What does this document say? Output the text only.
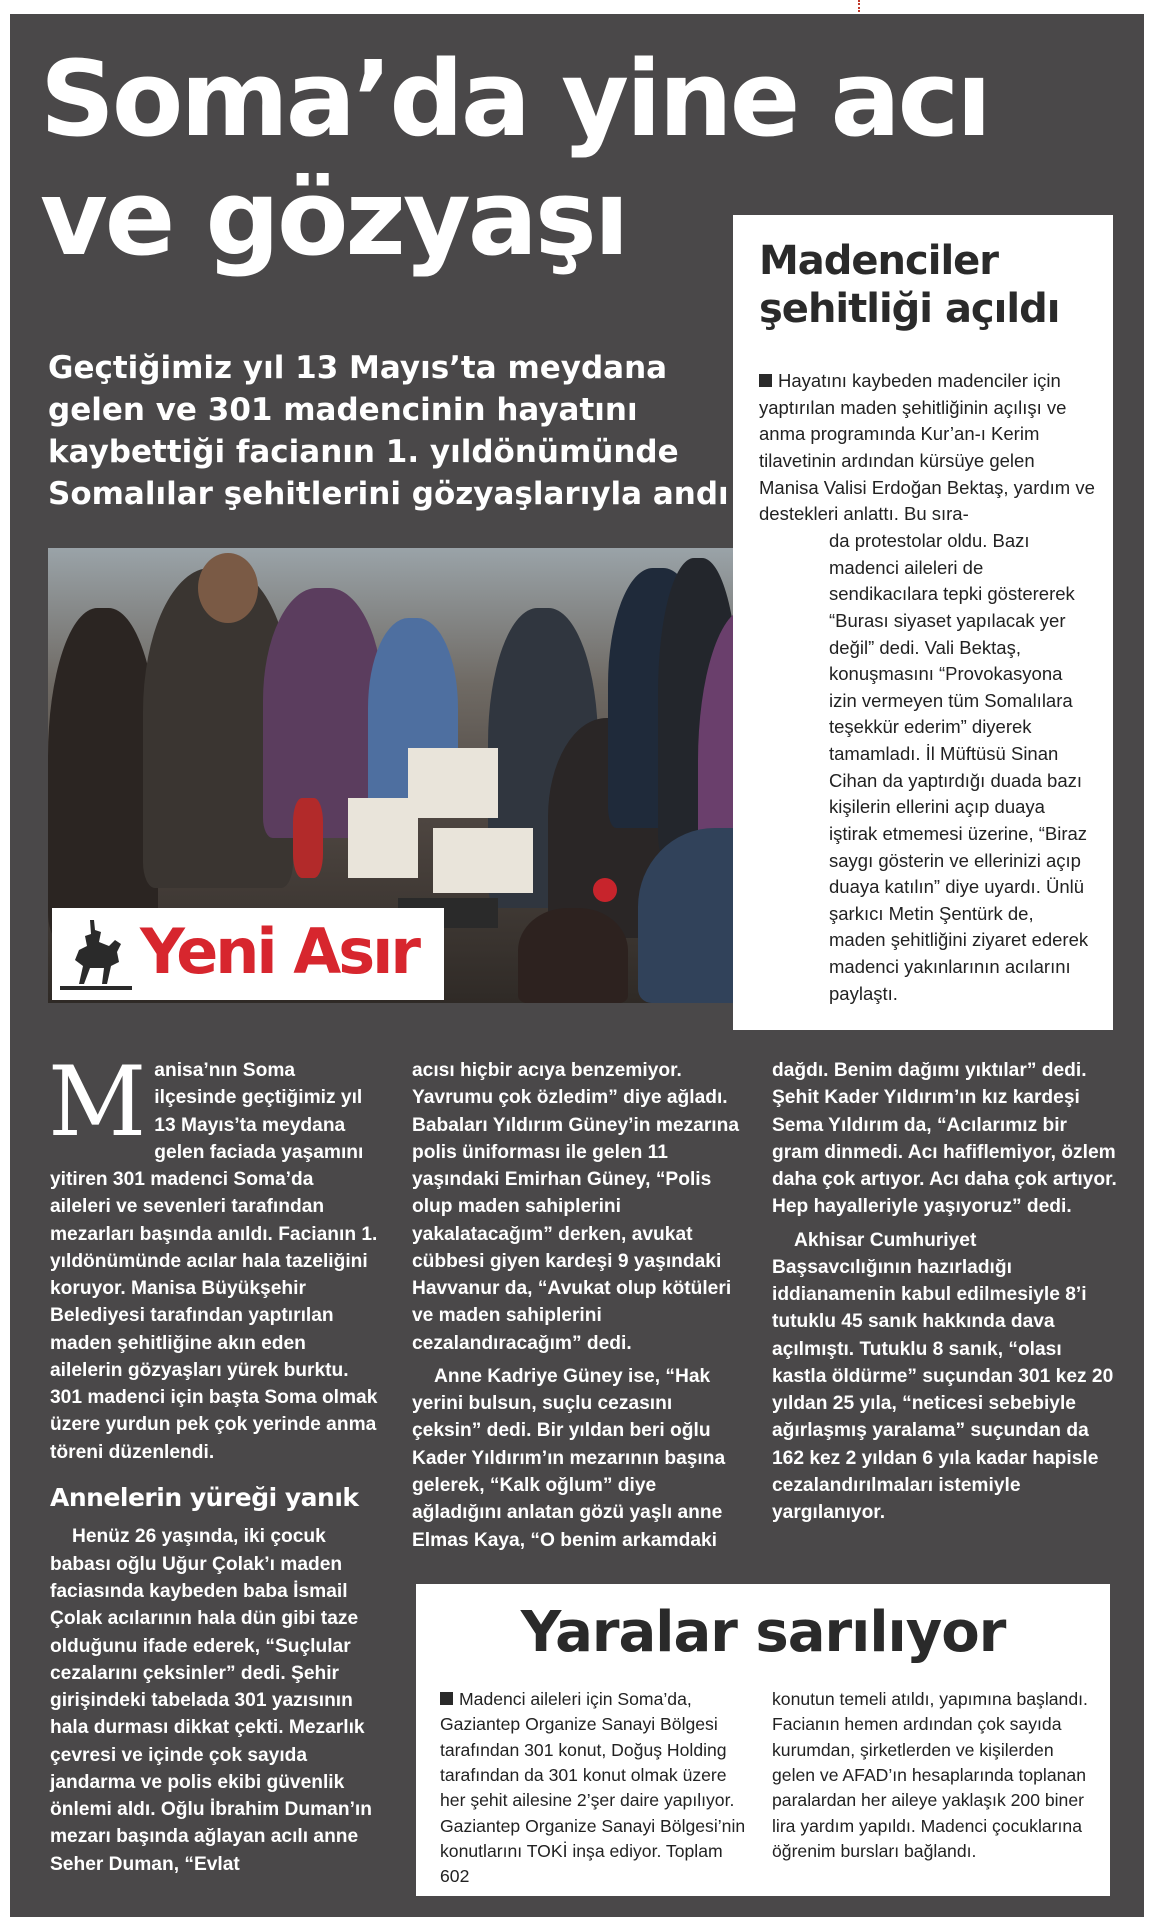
Soma’da yine acı
ve gözyaşı

Geçtiğimiz yıl 13 Mayıs’ta meydana gelen ve 301 madencinin hayatını kaybettiği facianın 1. yıldönümünde Somalılar şehitlerini gözyaşlarıyla andı

Yeni Asır
Madenciler
şehitliği açıldı
Hayatını kaybeden madenciler için yaptırılan maden şehitliğinin açılışı ve anma programında Kur’an-ı Kerim tilavetinin ardından kürsüye gelen Manisa Valisi Erdoğan Bektaş, yardım ve destekleri anlattı. Bu sıra-
da protestolar oldu. Bazı madenci aileleri de sendikacılara tepki göstererek “Burası siyaset yapılacak yer değil” dedi. Vali Bektaş, konuşmasını “Provokasyona izin vermeyen tüm Somalılara teşekkür ederim” diyerek tamamladı. İl Müftüsü Sinan Cihan da yaptırdığı duada bazı kişilerin ellerini açıp duaya iştirak etmemesi üzerine, “Biraz saygı gösterin ve ellerinizi açıp duaya katılın” diye uyardı. Ünlü şarkıcı Metin Şentürk de, maden şehitliğini ziyaret ederek madenci yakınlarının acılarını paylaştı.
M anisa’nın Soma ilçesinde geçtiğimiz yıl 13 Mayıs’ta meydana gelen faciada yaşamını yitiren 301 madenci Soma’da aileleri ve sevenleri tarafından mezarları başında anıldı. Facianın 1. yıldönümünde acılar hala tazeliğini koruyor. Manisa Büyükşehir Belediyesi tarafından yaptırılan maden şehitliğine akın eden ailelerin gözyaşları yürek burktu. 301 madenci için başta Soma olmak üzere yurdun pek çok yerinde anma töreni düzenlendi.

Annelerin yüreği yanık

Henüz 26 yaşında, iki çocuk babası oğlu Uğur Çolak’ı maden faciasında kaybeden baba İsmail Çolak acılarının hala dün gibi taze olduğunu ifade ederek, “Suçlular cezalarını çeksinler” dedi. Şehir girişindeki tabelada 301 yazısının hala durması dikkat çekti. Mezarlık çevresi ve içinde çok sayıda jandarma ve polis ekibi güvenlik önlemi aldı. Oğlu İbrahim Duman’ın mezarı başında ağlayan acılı anne Seher Duman, “Evlat

acısı hiçbir acıya benzemiyor. Yavrumu çok özledim” diye ağladı. Babaları Yıldırım Güney’in mezarına polis üniforması ile gelen 11 yaşındaki Emirhan Güney, “Polis olup maden sahiplerini yakalatacağım” derken, avukat cübbesi giyen kardeşi 9 yaşındaki Havvanur da, “Avukat olup kötüleri ve maden sahiplerini cezalandıracağım” dedi.

Anne Kadriye Güney ise, “Hak yerini bulsun, suçlu cezasını çeksin” dedi. Bir yıldan beri oğlu Kader Yıldırım’ın mezarının başına gelerek, “Kalk oğlum” diye ağladığını anlatan gözü yaşlı anne Elmas Kaya, “O benim arkamdaki

dağdı. Benim dağımı yıktılar” dedi. Şehit Kader Yıldırım’ın kız kardeşi Sema Yıldırım da, “Acılarımız bir gram dinmedi. Acı hafiflemiyor, özlem daha çok artıyor. Acı daha çok artıyor. Hep hayalleriyle yaşıyoruz” dedi.

Akhisar Cumhuriyet Başsavcılığının hazırladığı iddianamenin kabul edilmesiyle 8’i tutuklu 45 sanık hakkında dava açılmıştı. Tutuklu 8 sanık, “olası kastla öldürme” suçundan 301 kez 20 yıldan 25 yıla, “neticesi sebebiyle ağırlaşmış yaralama” suçundan da 162 kez 2 yıldan 6 yıla kadar hapisle cezalandırılmaları istemiyle yargılanıyor.

Yaralar sarılıyor
Madenci aileleri için Soma’da, Gaziantep Organize Sanayi Bölgesi tarafından 301 konut, Doğuş Holding tarafından da 301 konut olmak üzere her şehit ailesine 2’şer daire yapılıyor. Gaziantep Organize Sanayi Bölgesi’nin konutlarını TOKİ inşa ediyor. Toplam 602
konutun temeli atıldı, yapımına başlandı. Facianın hemen ardından çok sayıda kurumdan, şirketlerden ve kişilerden gelen ve AFAD’ın hesaplarında toplanan paralardan her aileye yaklaşık 200 biner lira yardım yapıldı. Madenci çocuklarına öğrenim bursları bağlandı.
